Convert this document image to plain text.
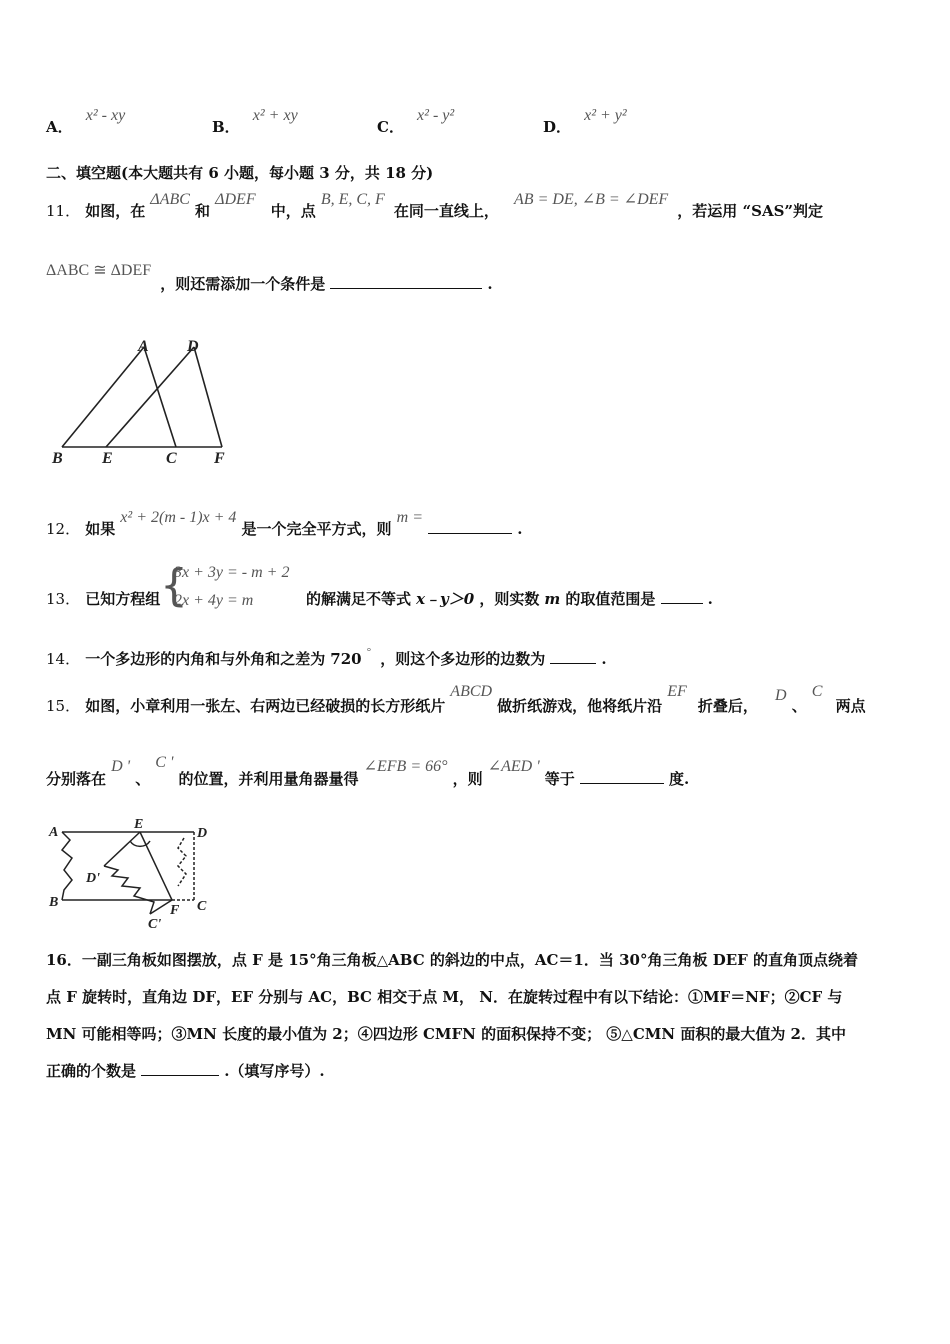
A． x² - xy
B． x² + xy
C． x² - y²
D． x² + y²
二、填空题(本大题共有 6 小题，每小题 3 分，共 18 分)
11． 如图，在 ΔABC 和 ΔDEF 中，点 B, E, C, F 在同一直线上， AB = DE, ∠B = ∠DEF ，若运用 “SAS”判定
ΔABC ≅ ΔDEF ，则还需添加一个条件是	.
A D
B E	C F
12． 如果 x² + 2(m - 1)x + 4 是一个完全平方式，则 m =  .
13． 已知方程组 {
3x + 3y = - m + 2
2x + 4y = m	的解满足不等式 x﹣y＞0 ，则实数 m 的取值范围是	.
14． 一个多边形的内角和与外角和之差为 720 ° ，则这个多边形的边数为	.
15． 如图，小章利用一张左、右两边已经破损的长方形纸片 ABCD 做折纸游戏，他将纸片沿 EF 折叠后， D 、 C 两点
分别落在 D ' 、 C ' 的位置，并利用量角器量得 ∠EFB = 66° ，则 ∠AED ' 等于	度.
A
E
D
D'
B
F C
C'
16．一副三角板如图摆放，点 F 是 15°角三角板△ABC 的斜边的中点，AC＝1．当 30°角三角板 DEF 的直角顶点绕着
点 F 旋转时，直角边 DF，EF 分别与 AC，BC 相交于点 M， N．在旋转过程中有以下结论：①MF＝NF；②CF 与
MN 可能相等吗；③MN 长度的最小值为 2；④四边形 CMFN 的面积保持不变； ⑤△CMN 面积的最大值为 2．其中
正确的个数是	.（填写序号）.
